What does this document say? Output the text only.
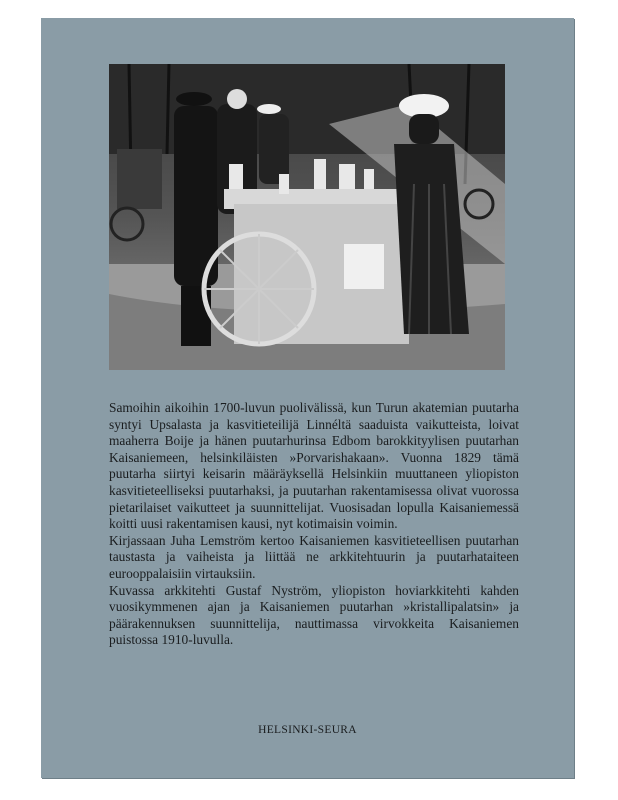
Samoihin aikoihin 1700-luvun puolivälissä, kun Turun akatemian puutarha syntyi Upsalasta ja kasvitieteilijä Linnéltä saaduista vaikutteista, loivat maaherra Boije ja hänen puutarhurinsa Edbom barokkityylisen puutarhan Kaisaniemeen, helsinkiläisten »Porvarishakaan». Vuonna 1829 tämä puutarha siirtyi keisarin määräyksellä Helsinkiin muuttaneen yliopiston kasvitieteelliseksi puutarhaksi, ja puutarhan rakentamisessa olivat vuorossa pietarilaiset vaikutteet ja suunnittelijat. Vuosisadan lopulla Kaisaniemessä koitti uusi rakentamisen kausi, nyt kotimaisin voimin.

Kirjassaan Juha Lemström kertoo Kaisaniemen kasvitieteellisen puutarhan taustasta ja vaiheista ja liittää ne arkkitehtuurin ja puutarhataiteen eurooppalaisiin virtauksiin.

Kuvassa arkkitehti Gustaf Nyström, yliopiston hoviarkkitehti kahden vuosikymmenen ajan ja Kaisaniemen puutarhan »kristallipalatsin» ja päärakennuksen suunnittelija, nauttimassa virvokkeita Kaisaniemen puistossa 1910-luvulla.

HELSINKI-SEURA
